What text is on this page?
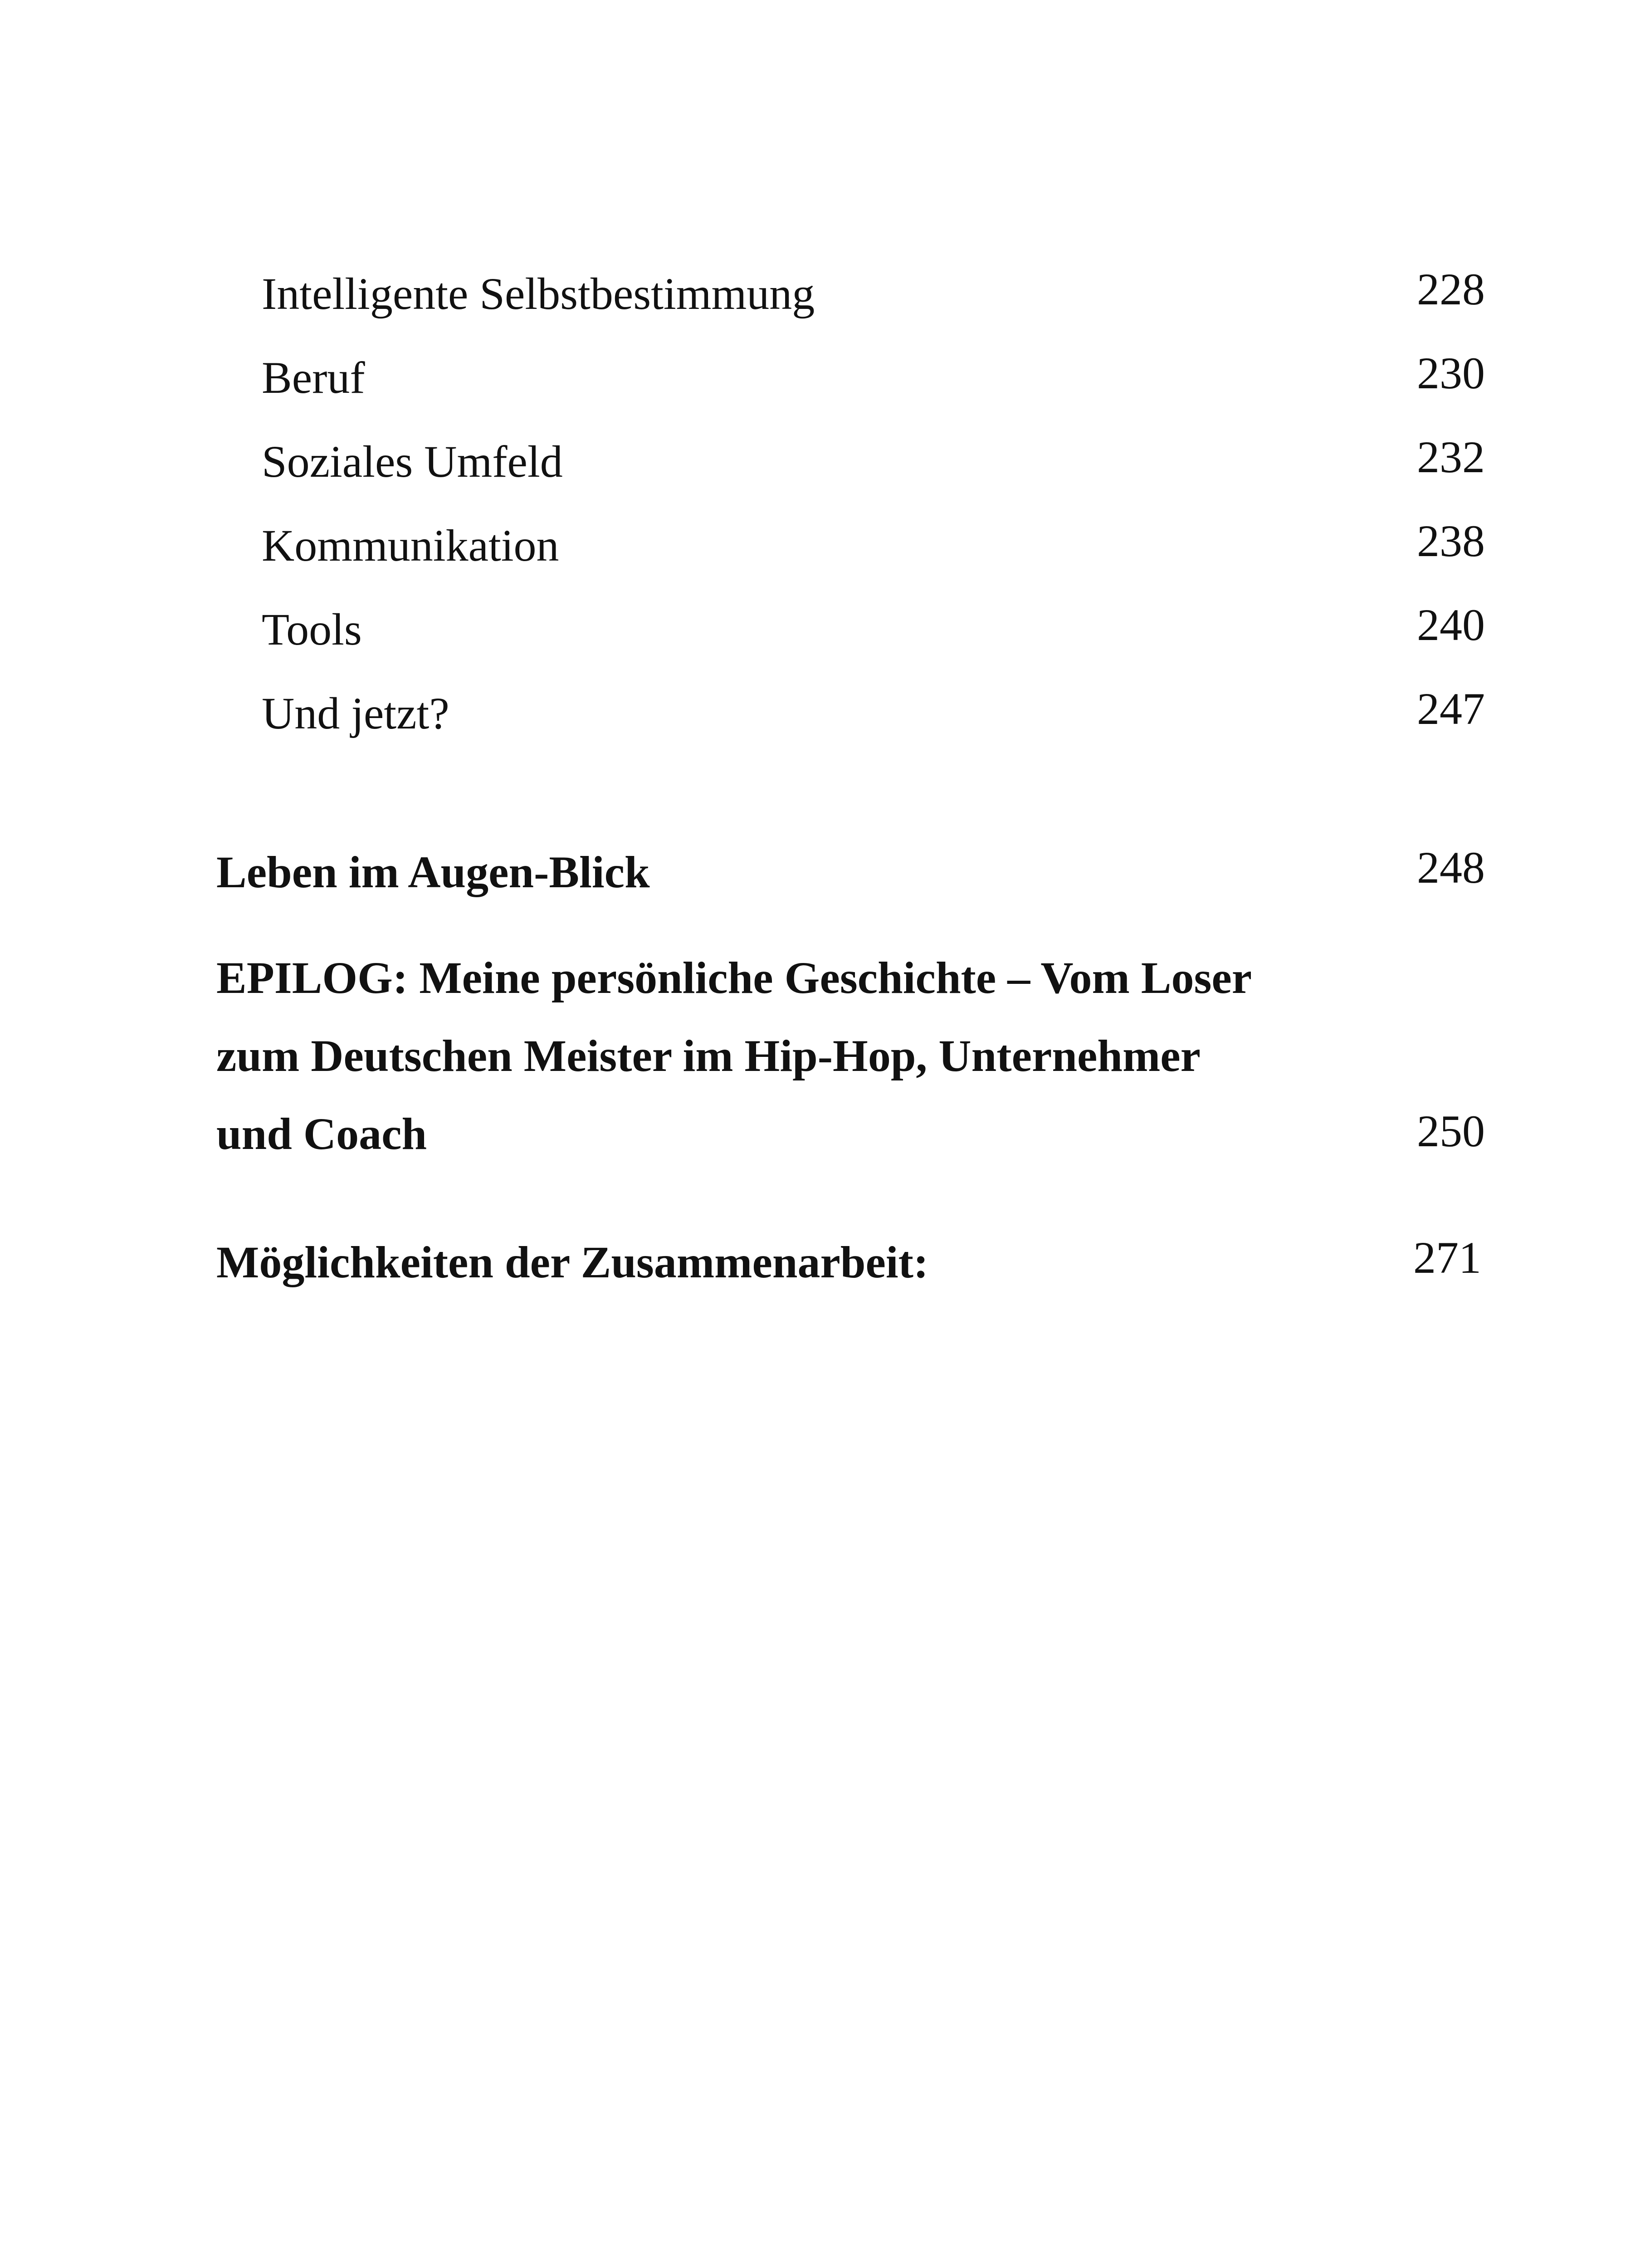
Intelligente Selbstbestimmung	228
Beruf	230
Soziales Umfeld	232
Kommunikation	238
Tools	240
Und jetzt?	247
Leben im Augen-Blick	248
EPILOG: Meine persönliche Geschichte – Vom Loser
zum Deutschen Meister im Hip-Hop, Unternehmer
und Coach	250
Möglichkeiten der Zusammenarbeit:	271
